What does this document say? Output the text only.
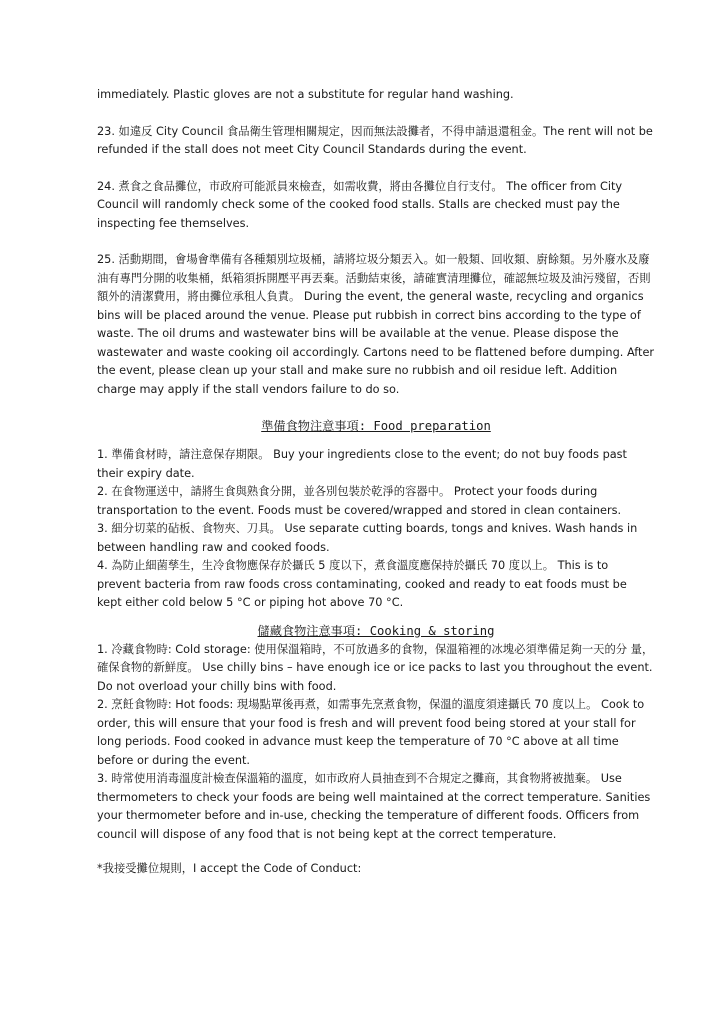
immediately. Plastic gloves are not a substitute for regular hand washing.

23. 如違反 City Council 食品衛生管理相關規定，因而無法設攤者，不得申請退還租金。The rent will not be refunded if the stall does not meet City Council Standards during the event.

24. 煮食之食品攤位，市政府可能派員來檢查，如需收費，將由各攤位自行支付。 The officer from City Council will randomly check some of the cooked food stalls. Stalls are checked must pay the inspecting fee themselves.

25. 活動期間，會場會準備有各種類別垃圾桶，請將垃圾分類丟入。如一般類、回收類、廚餘類。另外廢水及廢油有專門分開的收集桶，紙箱須拆開壓平再丟棄。活動結束後，請確實清理攤位，確認無垃圾及油污殘留，否則額外的清潔費用，將由攤位承租人負責。 During the event, the general waste, recycling and organics bins will be placed around the venue. Please put rubbish in correct bins according to the type of waste. The oil drums and wastewater bins will be available at the venue. Please dispose the wastewater and waste cooking oil accordingly. Cartons need to be flattened before dumping. After the event, please clean up your stall and make sure no rubbish and oil residue left. Addition charge may apply if the stall vendors failure to do so.

準備食物注意事項: Food preparation

1. 準備食材時，請注意保存期限。 Buy your ingredients close to the event; do not buy foods past their expiry date.

2. 在食物運送中，請將生食與熟食分開，並各別包裝於乾淨的容器中。 Protect your foods during transportation to the event. Foods must be covered/wrapped and stored in clean containers.

3. 細分切菜的砧板、食物夾、刀具。 Use separate cutting boards, tongs and knives. Wash hands in between handling raw and cooked foods.

4. 為防止細菌孳生，生冷食物應保存於攝氏 5 度以下，煮食溫度應保持於攝氏 70 度以上。 This is to prevent bacteria from raw foods cross contaminating, cooked and ready to eat foods must be kept either cold below 5 °C or piping hot above 70 °C.

儲藏食物注意事項: Cooking & storing

1. 冷藏食物時: Cold storage: 使用保溫箱時，不可放過多的食物，保溫箱裡的冰塊必須準備足夠一天的分 量，確保食物的新鮮度。 Use chilly bins – have enough ice or ice packs to last you throughout the event. Do not overload your chilly bins with food.

2. 烹飪食物時: Hot foods: 現場點單後再煮，如需事先烹煮食物，保溫的溫度須達攝氏 70 度以上。 Cook to order, this will ensure that your food is fresh and will prevent food being stored at your stall for long periods. Food cooked in advance must keep the temperature of 70 °C above at all time before or during the event.

3. 時常使用消毒溫度計檢查保溫箱的溫度，如市政府人員抽查到不合規定之攤商，其食物將被拋棄。 Use thermometers to check your foods are being well maintained at the correct temperature. Sanities your thermometer before and in-use, checking the temperature of different foods. Officers from council will dispose of any food that is not being kept at the correct temperature.

*我接受攤位規則，I accept the Code of Conduct:
